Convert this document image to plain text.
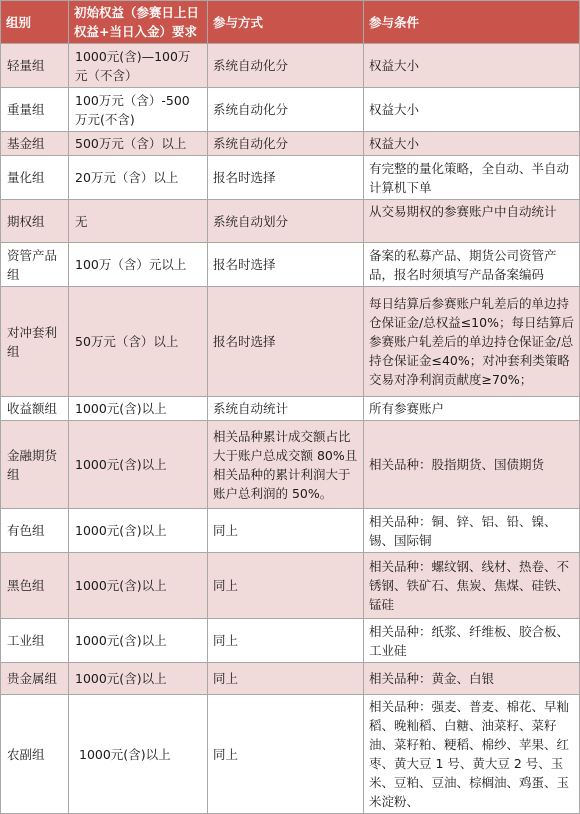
组别	初始权益（参赛日上日权益+当日入金）要求	参与方式	参与条件
轻量组	1000元(含)—100万元（不含）	系统自动化分	权益大小
重量组	100万元（含）-500万元(不含)	系统自动化分	权益大小
基金组	500万元（含）以上	系统自动化分	权益大小
量化组	20万元（含）以上	报名时选择	有完整的量化策略，全自动、半自动计算机下单
期权组	无	系统自动划分	从交易期权的参赛账户中自动统计
资管产品组	100万（含）元以上	报名时选择	备案的私募产品、期货公司资管产品，报名时须填写产品备案编码
对冲套利组	50万元（含）以上	报名时选择	每日结算后参赛账户轧差后的单边持仓保证金/总权益≤10%；每日结算后参赛账户轧差后的单边持仓保证金/总持仓保证金≤40%；对冲套利类策略交易对净利润贡献度≥70%；
收益额组	1000元(含)以上	系统自动统计	所有参赛账户
金融期货组	1000元(含)以上	相关品种累计成交额占比大于账户总成交额 80%且相关品种的累计利润大于账户总利润的 50%。	相关品种：股指期货、国债期货
有色组	1000元(含)以上	同上	相关品种：铜、锌、铝、铅、镍、锡、国际铜
黑色组	1000元(含)以上	同上	相关品种：螺纹钢、线材、热卷、不锈钢、铁矿石、焦炭、焦煤、硅铁、锰硅
工业组	1000元(含)以上	同上	相关品种：纸浆、纤维板、胶合板、工业硅
贵金属组	1000元(含)以上	同上	相关品种：黄金、白银
农副组	1000元(含)以上	同上	相关品种：强麦、普麦、棉花、早籼稻、晚籼稻、白糖、油菜籽、菜籽油、菜籽粕、粳稻、棉纱、苹果、红枣、黄大豆 1 号、黄大豆 2 号、玉米、豆粕、豆油、棕榈油、鸡蛋、玉米淀粉、
